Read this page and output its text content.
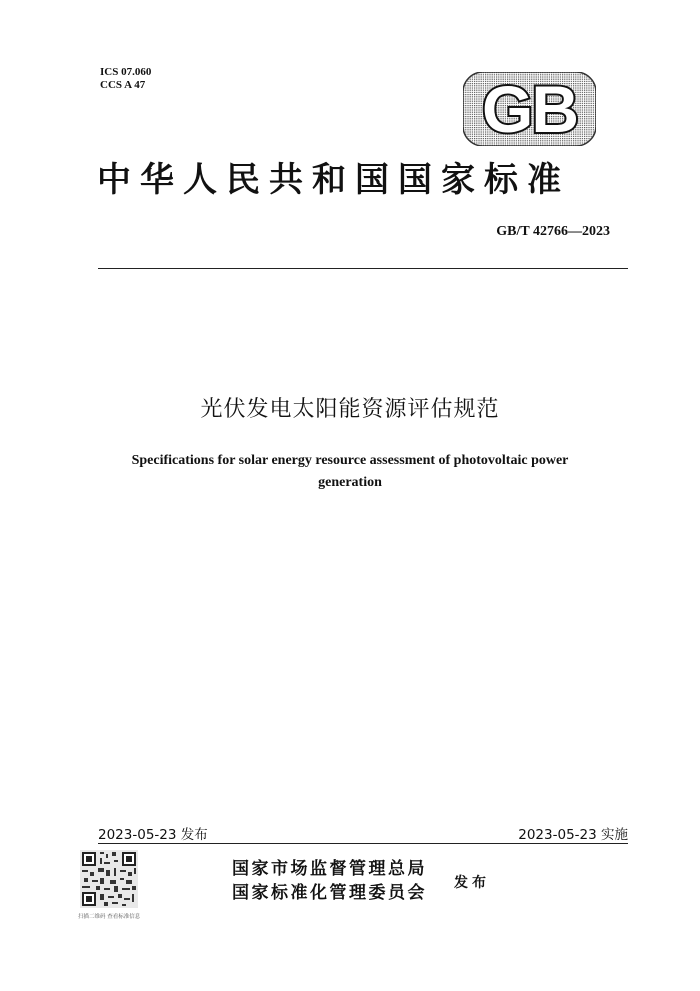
ICS 07.060
CCS A 47	GB
中华人民共和国国家标准
GB/T 42766—2023
光伏发电太阳能资源评估规范
Specifications for solar energy resource assessment of photovoltaic power generation
2023-05-23 发布	2023-05-23 实施
扫描二维码 查看标准信息
国家市场监督管理总局
国家标准化管理委员会 发布
